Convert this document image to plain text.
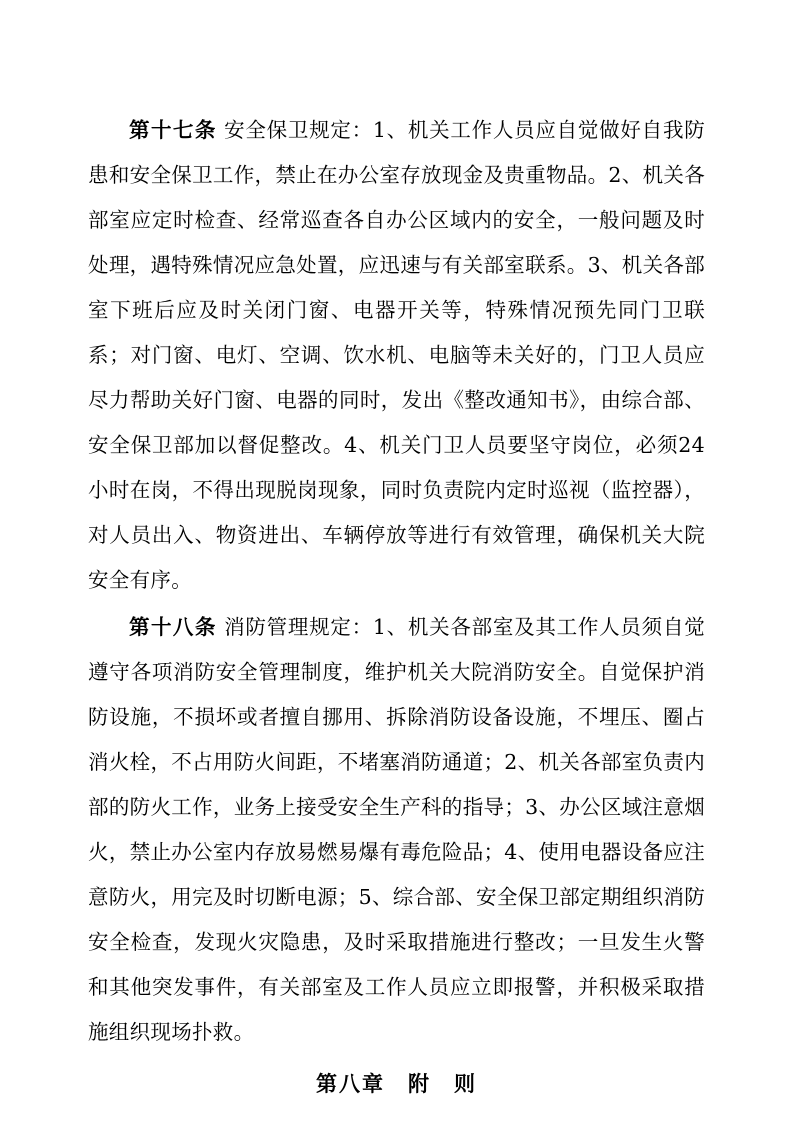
第十七条 安全保卫规定：1、机关工作人员应自觉做好自我防患和安全保卫工作，禁止在办公室存放现金及贵重物品。2、机关各部室应定时检查、经常巡查各自办公区域内的安全，一般问题及时处理，遇特殊情况应急处置，应迅速与有关部室联系。3、机关各部室下班后应及时关闭门窗、电器开关等，特殊情况预先同门卫联系；对门窗、电灯、空调、饮水机、电脑等未关好的，门卫人员应尽力帮助关好门窗、电器的同时，发出《整改通知书》，由综合部、安全保卫部加以督促整改。4、机关门卫人员要坚守岗位，必须24小时在岗，不得出现脱岗现象，同时负责院内定时巡视（监控器），对人员出入、物资进出、车辆停放等进行有效管理，确保机关大院安全有序。

第十八条 消防管理规定：1、机关各部室及其工作人员须自觉遵守各项消防安全管理制度，维护机关大院消防安全。自觉保护消防设施，不损坏或者擅自挪用、拆除消防设备设施，不埋压、圈占消火栓，不占用防火间距，不堵塞消防通道；2、机关各部室负责内部的防火工作，业务上接受安全生产科的指导；3、办公区域注意烟火，禁止办公室内存放易燃易爆有毒危险品；4、使用电器设备应注意防火，用完及时切断电源；5、综合部、安全保卫部定期组织消防安全检查，发现火灾隐患，及时采取措施进行整改；一旦发生火警和其他突发事件，有关部室及工作人员应立即报警，并积极采取措施组织现场扑救。

第八章 附　则
